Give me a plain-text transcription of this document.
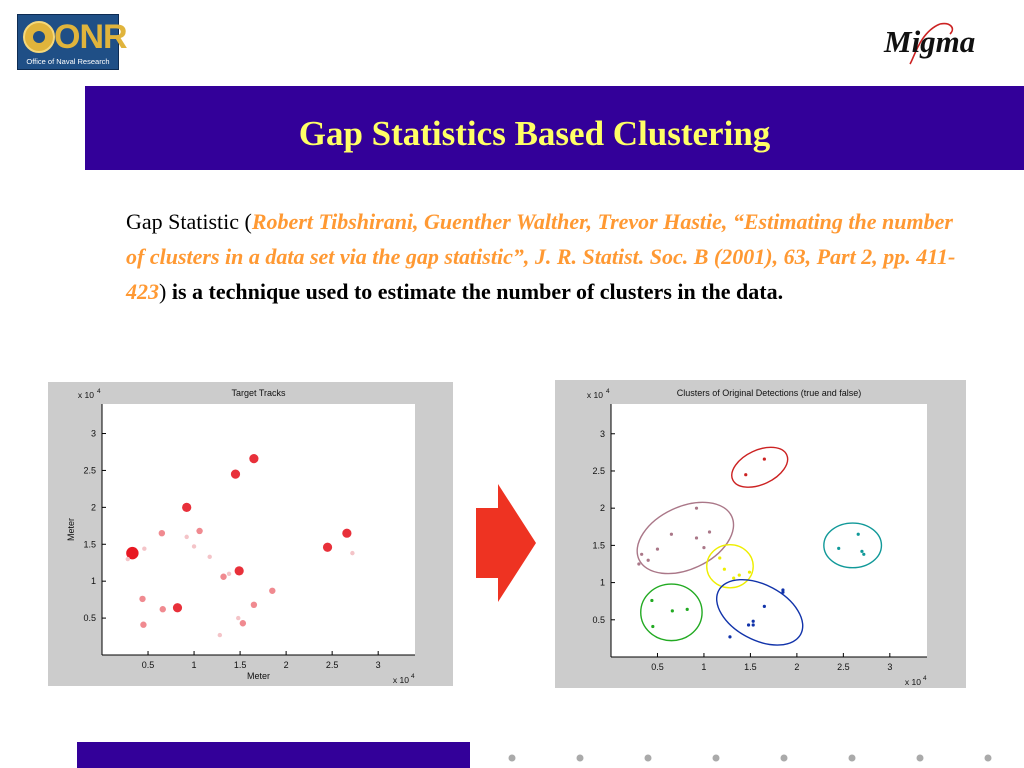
ONR
Office of Naval Research
Migma
Gap Statistics Based Clustering
Gap Statistic (Robert Tibshirani, Guenther Walther, Trevor Hastie, “Estimating the number of clusters in a data set via the gap statistic”, J. R. Statist. Soc. B (2001), 63, Part 2, pp. 411-423) is a technique used to estimate the number of clusters in the data.
0.5
0.5
1
1
1.5
1.5
2
2
2.5
2.5
3
3
x 10 4
x 10 4
Target Tracks
Meter
Meter
0.5
0.5
1
1
1.5
1.5
2
2
2.5
2.5
3
3
x 10 4
x 10 4
Clusters of Original Detections (true and false)
